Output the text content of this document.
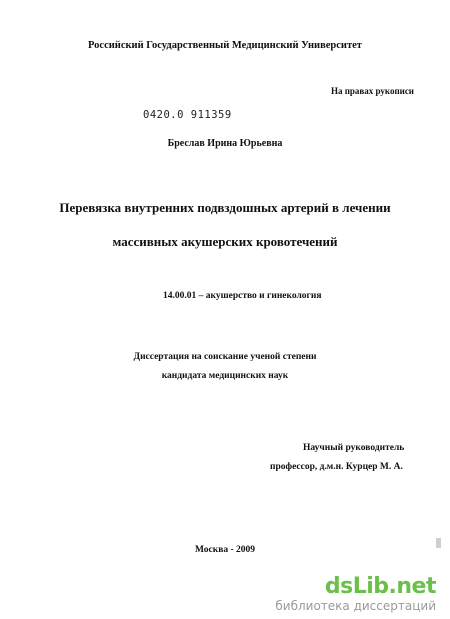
Российский Государственный Медицинский Университет
На правах рукописи
0420.0 911359
Бреслав Ирина Юрьевна
Перевязка внутренних подвздошных артерий в лечении
массивных акушерских кровотечений
14.00.01 – акушерство и гинекология
Диссертация на соискание ученой степени
кандидата медицинских наук
Научный руководитель
профессор, д.м.н. Курцер М. А.
Москва - 2009
dsLib.net
библиотека диссертаций
